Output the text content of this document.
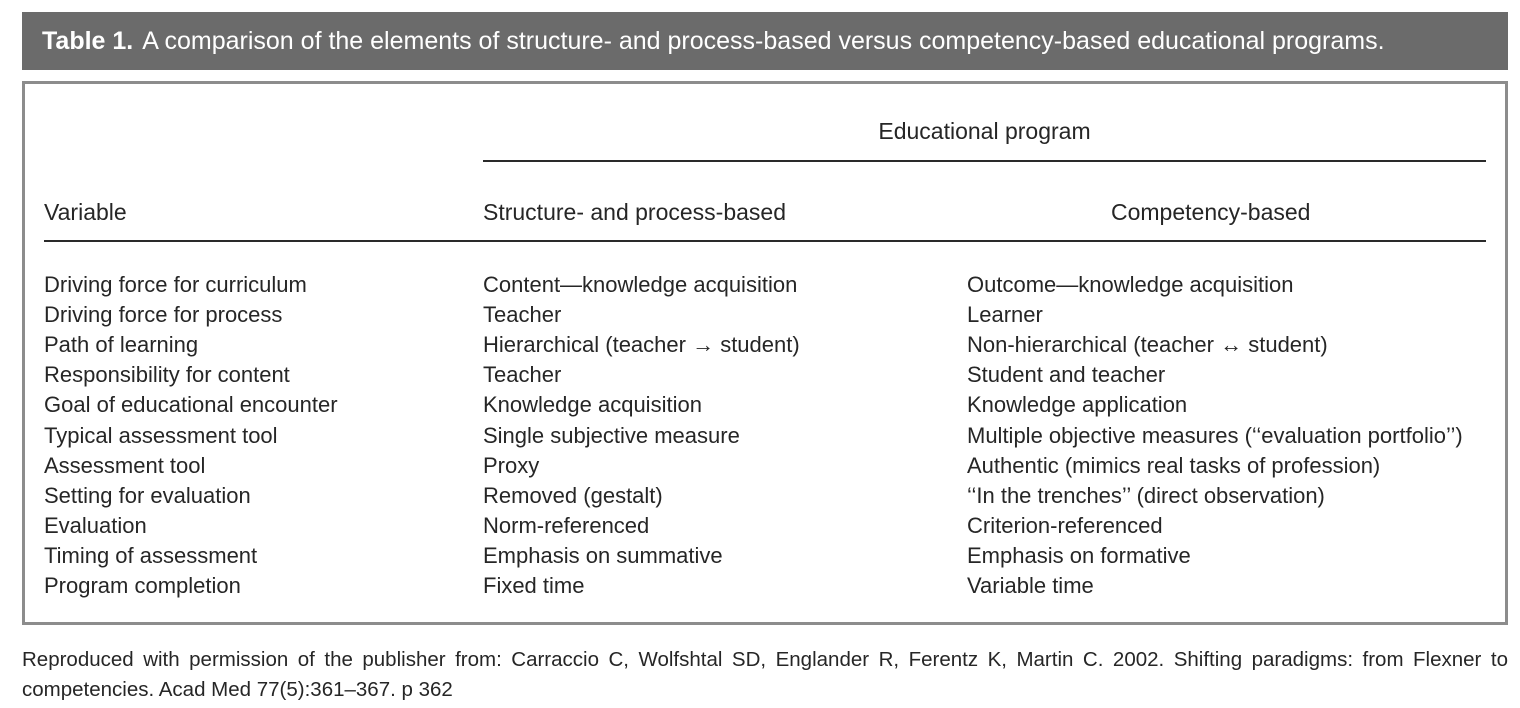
Table 1. A comparison of the elements of structure- and process-based versus competency-based educational programs.
Educational program
Variable	Structure- and process-based	Competency-based
Driving force for curriculum	Content—knowledge acquisition	Outcome—knowledge acquisition
Driving force for process	Teacher	Learner
Path of learning	Hierarchical (teacher → student)	Non-hierarchical (teacher ↔ student)
Responsibility for content	Teacher	Student and teacher
Goal of educational encounter	Knowledge acquisition	Knowledge application
Typical assessment tool	Single subjective measure	Multiple objective measures (‘‘evaluation portfolio’’)
Assessment tool	Proxy	Authentic (mimics real tasks of profession)
Setting for evaluation	Removed (gestalt)	‘‘In the trenches’’ (direct observation)
Evaluation	Norm-referenced	Criterion-referenced
Timing of assessment	Emphasis on summative	Emphasis on formative
Program completion	Fixed time	Variable time
Reproduced with permission of the publisher from: Carraccio C, Wolfshtal SD, Englander R, Ferentz K, Martin C. 2002. Shifting paradigms: from Flexner to competencies. Acad Med 77(5):361–367. p 362
